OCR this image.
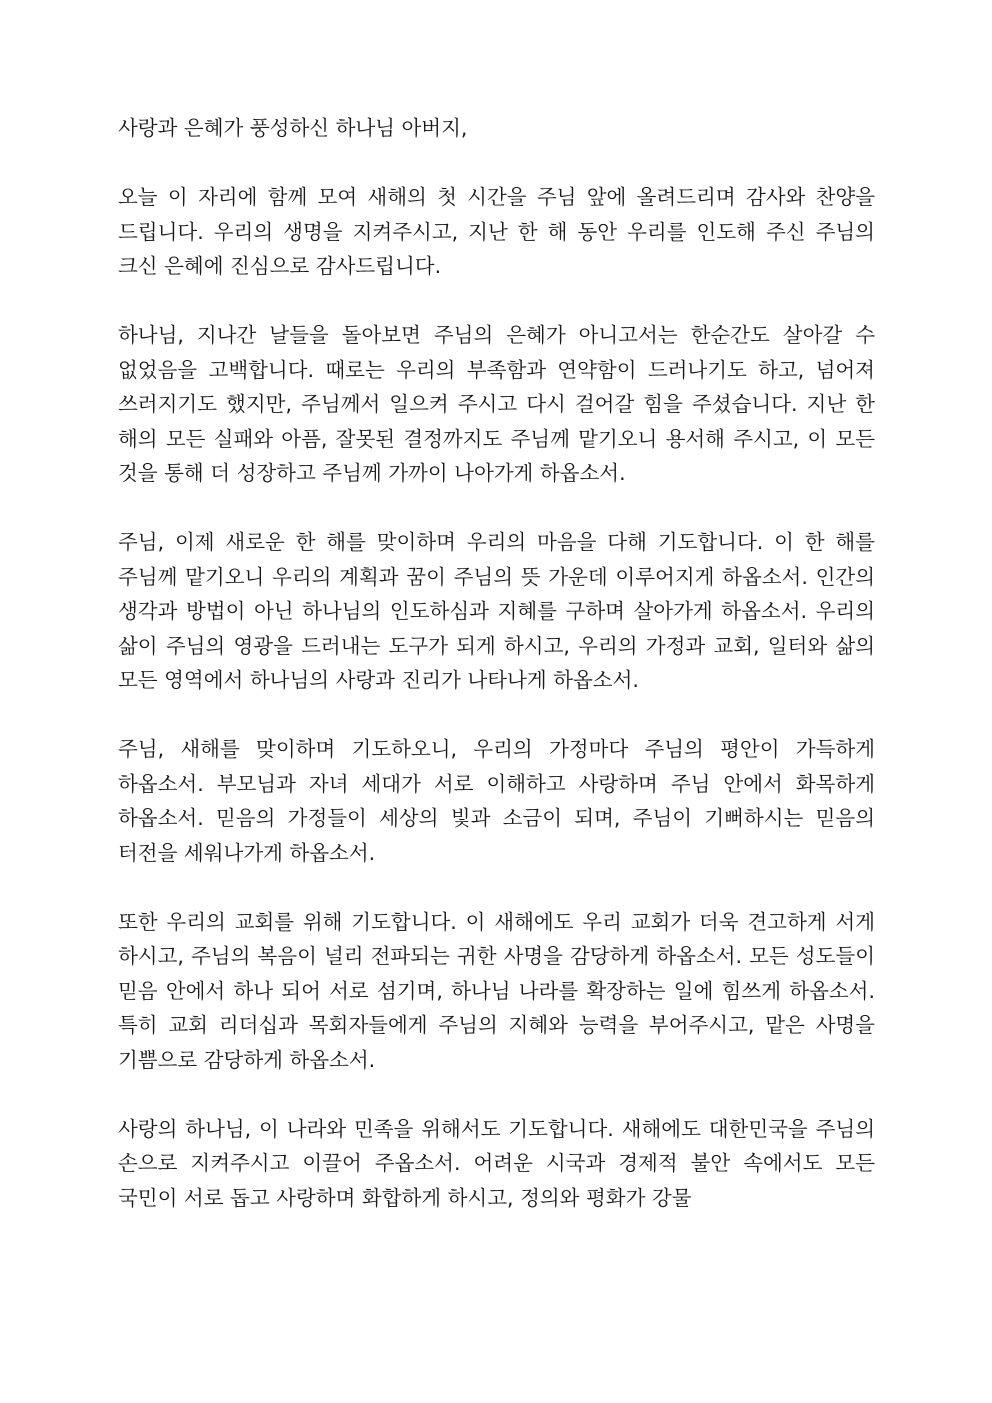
사랑과 은혜가 풍성하신 하나님 아버지,

오늘 이 자리에 함께 모여 새해의 첫 시간을 주님 앞에 올려드리며 감사와 찬양을 드립니다. 우리의 생명을 지켜주시고, 지난 한 해 동안 우리를 인도해 주신 주님의 크신 은혜에 진심으로 감사드립니다.

하나님, 지나간 날들을 돌아보면 주님의 은혜가 아니고서는 한순간도 살아갈 수 없었음을 고백합니다. 때로는 우리의 부족함과 연약함이 드러나기도 하고, 넘어져 쓰러지기도 했지만, 주님께서 일으켜 주시고 다시 걸어갈 힘을 주셨습니다. 지난 한 해의 모든 실패와 아픔, 잘못된 결정까지도 주님께 맡기오니 용서해 주시고, 이 모든 것을 통해 더 성장하고 주님께 가까이 나아가게 하옵소서.

주님, 이제 새로운 한 해를 맞이하며 우리의 마음을 다해 기도합니다. 이 한 해를 주님께 맡기오니 우리의 계획과 꿈이 주님의 뜻 가운데 이루어지게 하옵소서. 인간의 생각과 방법이 아닌 하나님의 인도하심과 지혜를 구하며 살아가게 하옵소서. 우리의 삶이 주님의 영광을 드러내는 도구가 되게 하시고, 우리의 가정과 교회, 일터와 삶의 모든 영역에서 하나님의 사랑과 진리가 나타나게 하옵소서.

주님, 새해를 맞이하며 기도하오니, 우리의 가정마다 주님의 평안이 가득하게 하옵소서. 부모님과 자녀 세대가 서로 이해하고 사랑하며 주님 안에서 화목하게 하옵소서. 믿음의 가정들이 세상의 빛과 소금이 되며, 주님이 기뻐하시는 믿음의 터전을 세워나가게 하옵소서.

또한 우리의 교회를 위해 기도합니다. 이 새해에도 우리 교회가 더욱 견고하게 서게 하시고, 주님의 복음이 널리 전파되는 귀한 사명을 감당하게 하옵소서. 모든 성도들이 믿음 안에서 하나 되어 서로 섬기며, 하나님 나라를 확장하는 일에 힘쓰게 하옵소서. 특히 교회 리더십과 목회자들에게 주님의 지혜와 능력을 부어주시고, 맡은 사명을 기쁨으로 감당하게 하옵소서.

사랑의 하나님, 이 나라와 민족을 위해서도 기도합니다. 새해에도 대한민국을 주님의 손으로 지켜주시고 이끌어 주옵소서. 어려운 시국과 경제적 불안 속에서도 모든 국민이 서로 돕고 사랑하며 화합하게 하시고, 정의와 평화가 강물
